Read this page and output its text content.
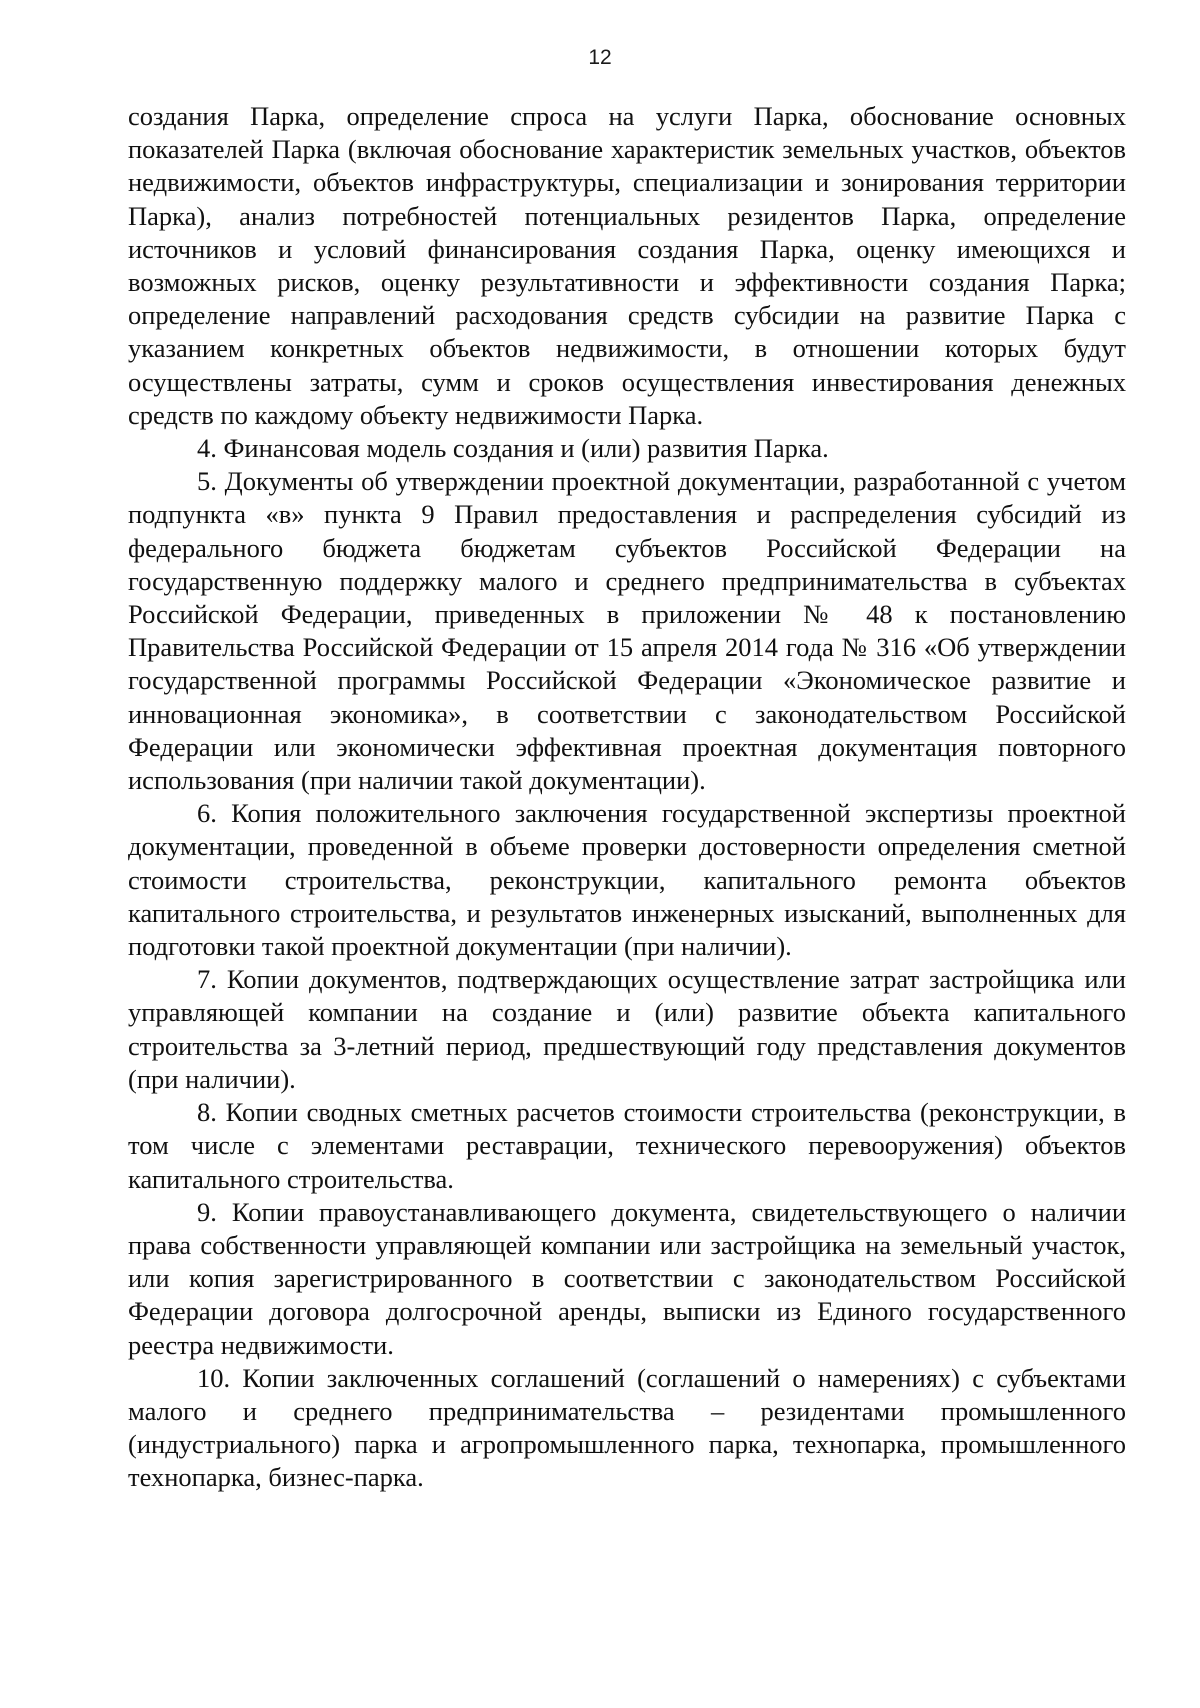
12

создания Парка, определение спроса на услуги Парка, обоснование основных показателей Парка (включая обоснование характеристик земельных участков, объектов недвижимости, объектов инфраструктуры, специализации и зонирования территории Парка), анализ потребностей потенциальных резидентов Парка, определение источников и условий финансирования создания Парка, оценку имеющихся и возможных рисков, оценку результативности и эффективности создания Парка; определение направлений расходования средств субсидии на развитие Парка с указанием конкретных объектов недвижимости, в отношении которых будут осуществлены затраты, сумм и сроков осуществления инвестирования денежных средств по каждому объекту недвижимости Парка.

4. Финансовая модель создания и (или) развития Парка.

5. Документы об утверждении проектной документации, разработанной с учетом подпункта «в» пункта 9 Правил предоставления и распределения субсидий из федерального бюджета бюджетам субъектов Российской Федерации на государственную поддержку малого и среднего предпринимательства в субъектах Российской Федерации, приведенных в приложении № 48 к постановлению Правительства Российской Федерации от 15 апреля 2014 года № 316 «Об утверждении государственной программы Российской Федерации «Экономическое развитие и инновационная экономика», в соответствии с законодательством Российской Федерации или экономически эффективная проектная документация повторного использования (при наличии такой документации).

6. Копия положительного заключения государственной экспертизы проектной документации, проведенной в объеме проверки достоверности определения сметной стоимости строительства, реконструкции, капитального ремонта объектов капитального строительства, и результатов инженерных изысканий, выполненных для подготовки такой проектной документации (при наличии).

7. Копии документов, подтверждающих осуществление затрат застройщика или управляющей компании на создание и (или) развитие объекта капитального строительства за 3-летний период, предшествующий году представления документов (при наличии).

8. Копии сводных сметных расчетов стоимости строительства (реконструкции, в том числе с элементами реставрации, технического перевооружения) объектов капитального строительства.

9. Копии правоустанавливающего документа, свидетельствующего о наличии права собственности управляющей компании или застройщика на земельный участок, или копия зарегистрированного в соответствии с законодательством Российской Федерации договора долгосрочной аренды, выписки из Единого государственного реестра недвижимости.

10. Копии заключенных соглашений (соглашений о намерениях) с субъектами малого и среднего предпринимательства – резидентами промышленного (индустриального) парка и агропромышленного парка, технопарка, промышленного технопарка, бизнес-парка.
